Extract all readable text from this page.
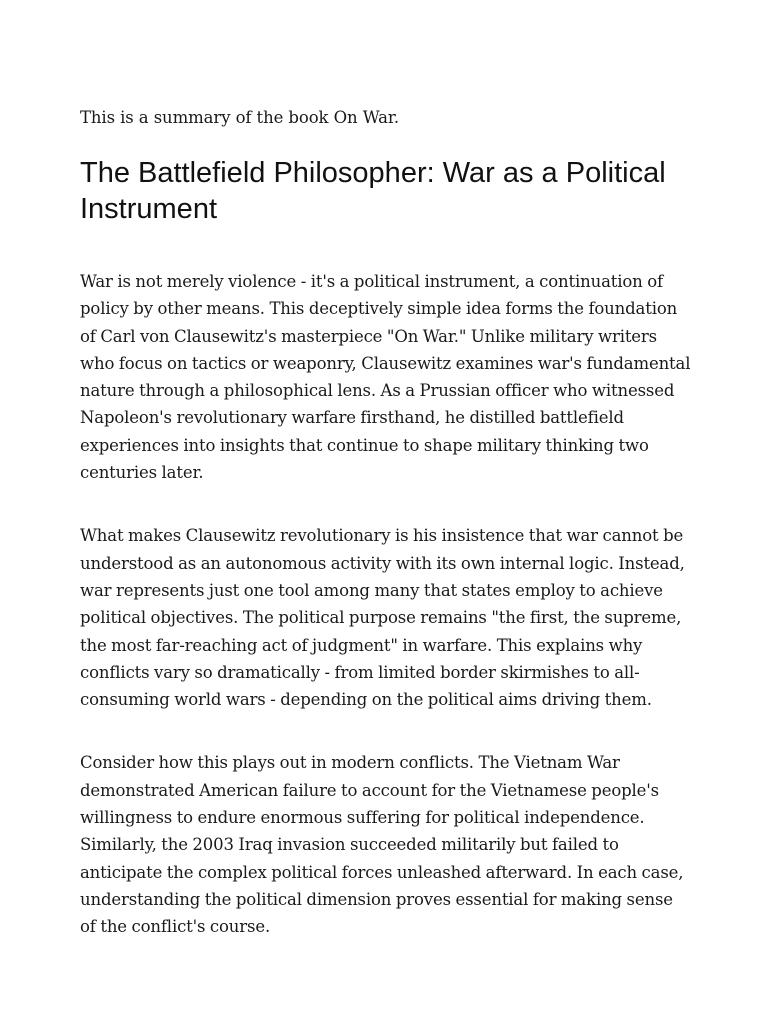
This is a summary of the book On War.

The Battlefield Philosopher: War as a Political Instrument

War is not merely violence - it's a political instrument, a continuation of policy by other means. This deceptively simple idea forms the foundation of Carl von Clausewitz's masterpiece "On War." Unlike military writers who focus on tactics or weaponry, Clausewitz examines war's fundamental nature through a philosophical lens. As a Prussian officer who witnessed Napoleon's revolutionary warfare firsthand, he distilled battlefield experiences into insights that continue to shape military thinking two centuries later.

What makes Clausewitz revolutionary is his insistence that war cannot be understood as an autonomous activity with its own internal logic. Instead, war represents just one tool among many that states employ to achieve political objectives. The political purpose remains "the first, the supreme, the most far-reaching act of judgment" in warfare. This explains why conflicts vary so dramatically - from limited border skirmishes to all-consuming world wars - depending on the political aims driving them.

Consider how this plays out in modern conflicts. The Vietnam War demonstrated American failure to account for the Vietnamese people's willingness to endure enormous suffering for political independence. Similarly, the 2003 Iraq invasion succeeded militarily but failed to anticipate the complex political forces unleashed afterward. In each case, understanding the political dimension proves essential for making sense of the conflict's course.
